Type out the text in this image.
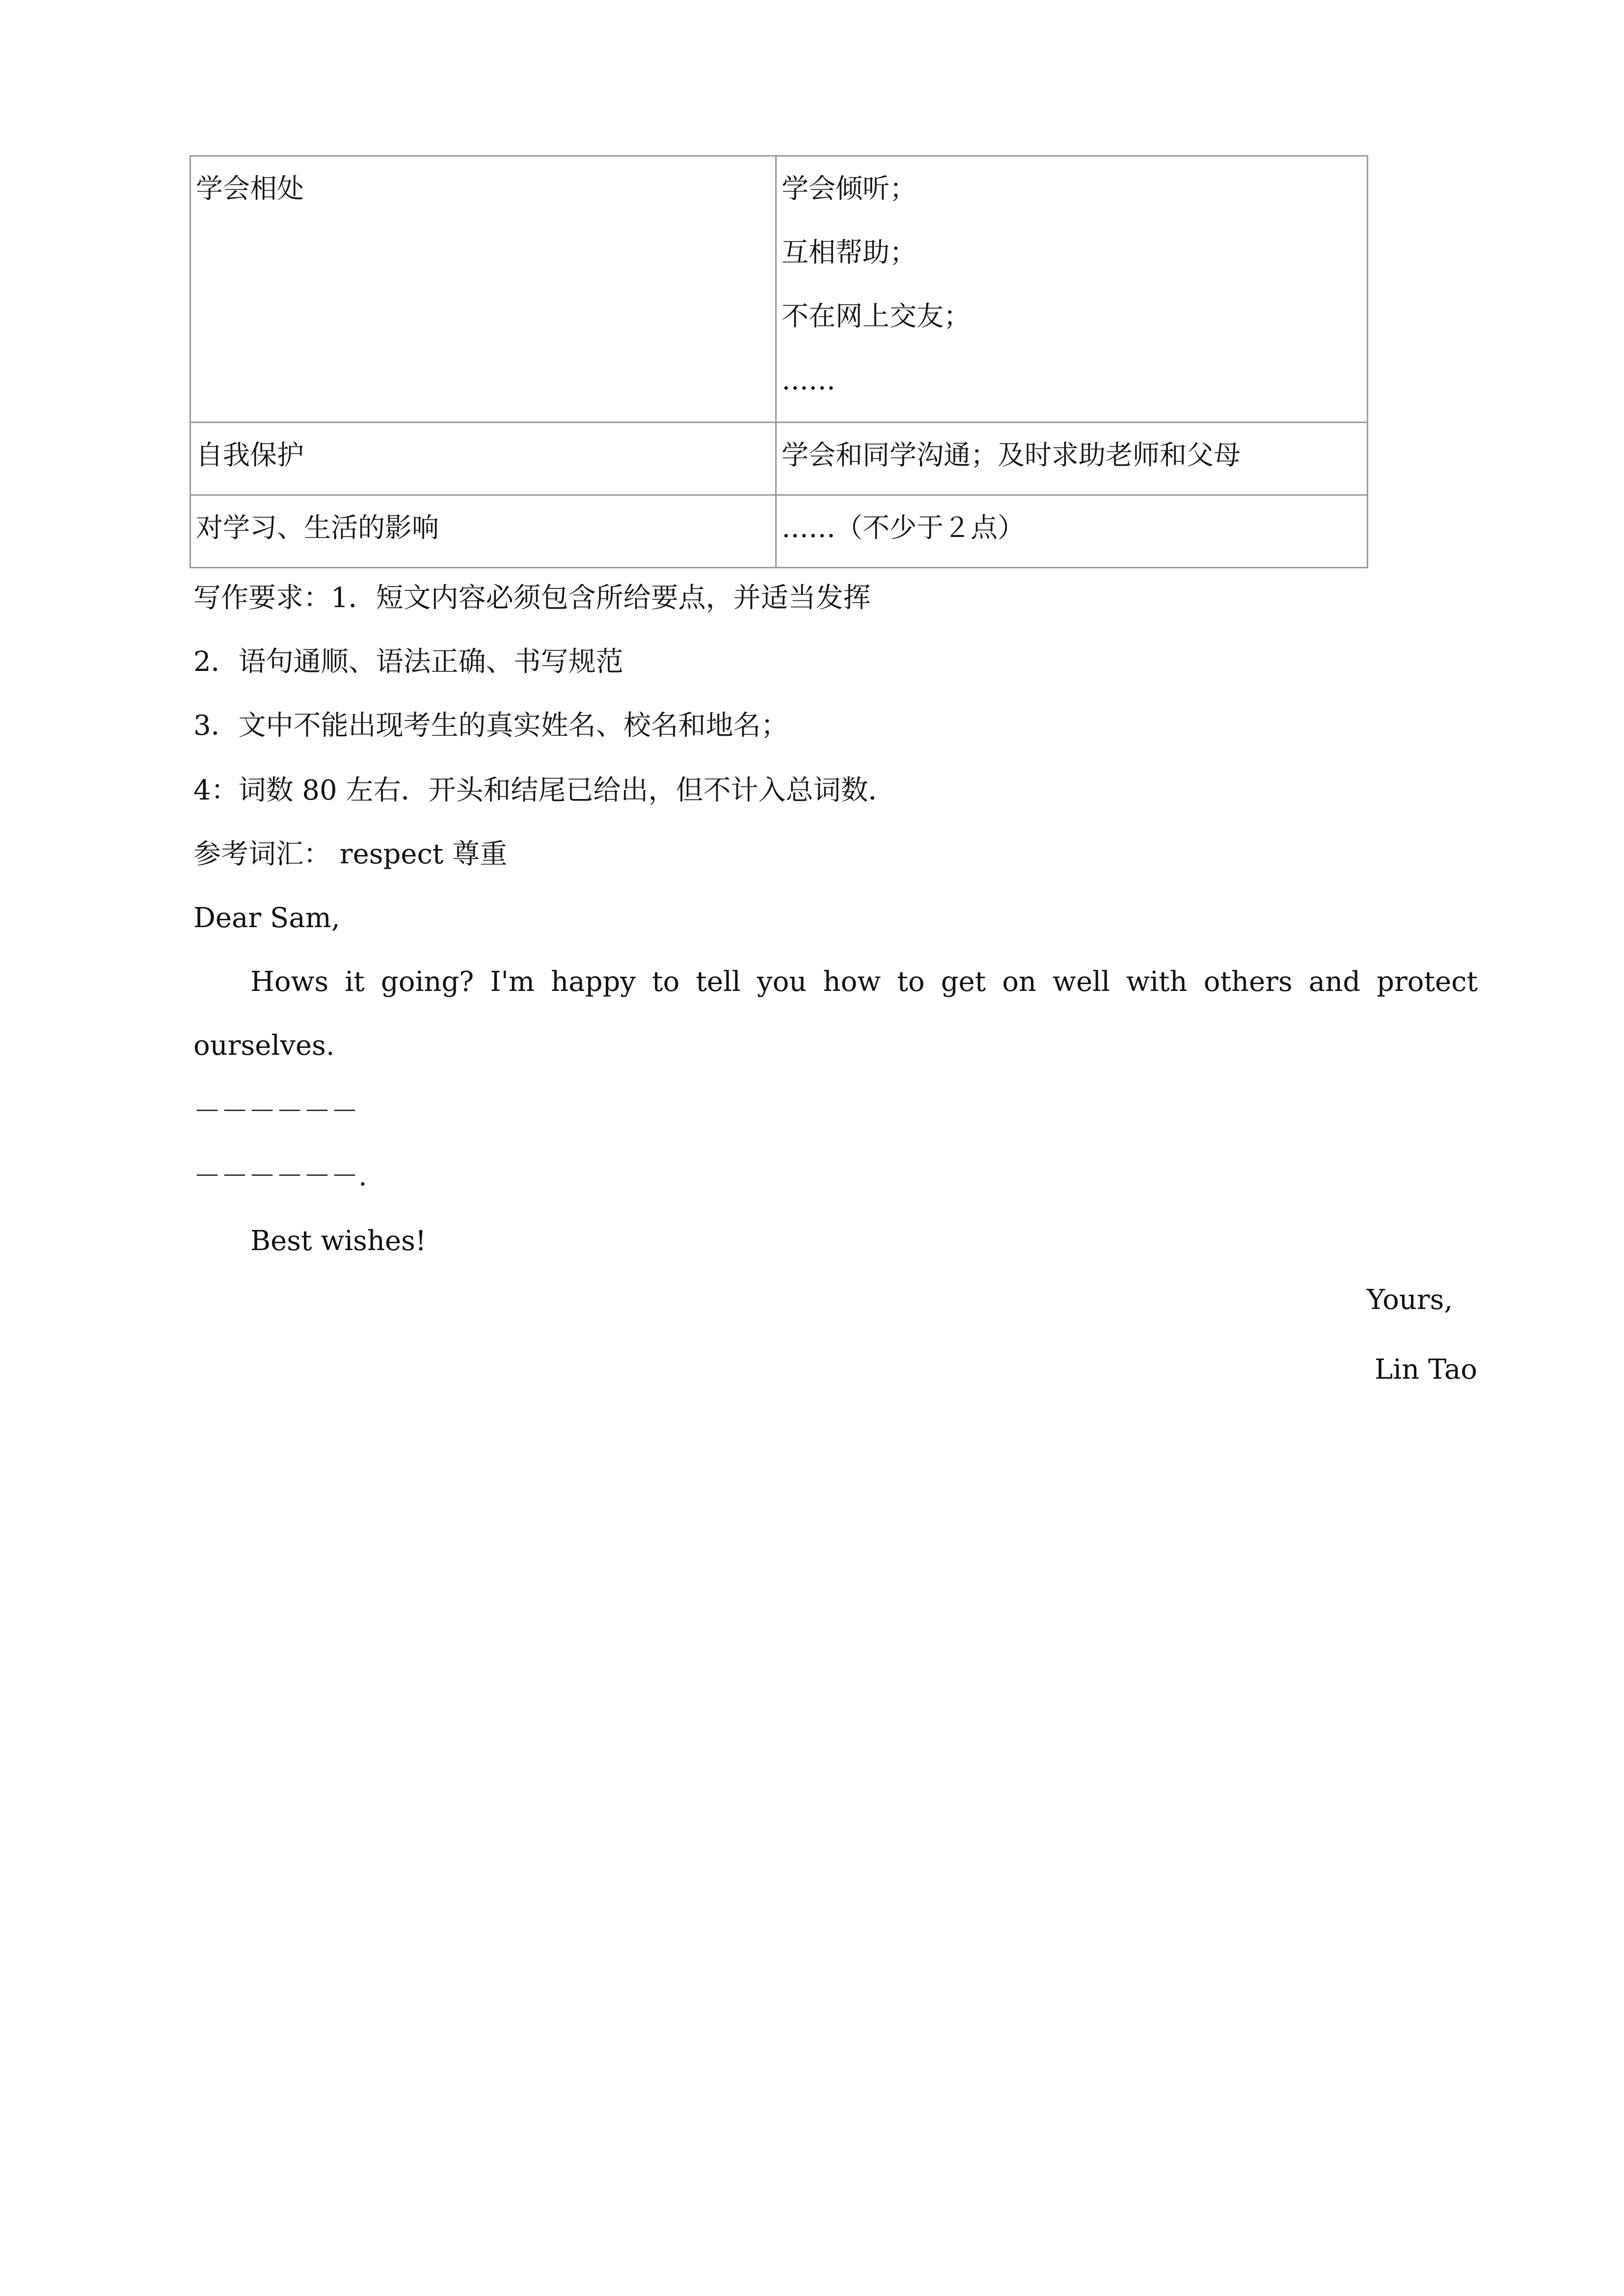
学会相处	学会倾听；
互相帮助；
不在网上交友；
……

自我保护	学会和同学沟通；及时求助老师和父母
对学习、生活的影响	……（不少于２点）
写作要求：1．短文内容必须包含所给要点，并适当发挥
2．语句通顺、语法正确、书写规范
3．文中不能出现考生的真实姓名、校名和地名；
4：词数 80 左右．开头和结尾已给出，但不计入总词数．
参考词汇： respect 尊重
Dear Sam,
Hows it going? I'm happy to tell you how to get on well with others and protect
ourselves.
－－－－－－
－－－－－－.
Best wishes!
Yours,
Lin Tao
